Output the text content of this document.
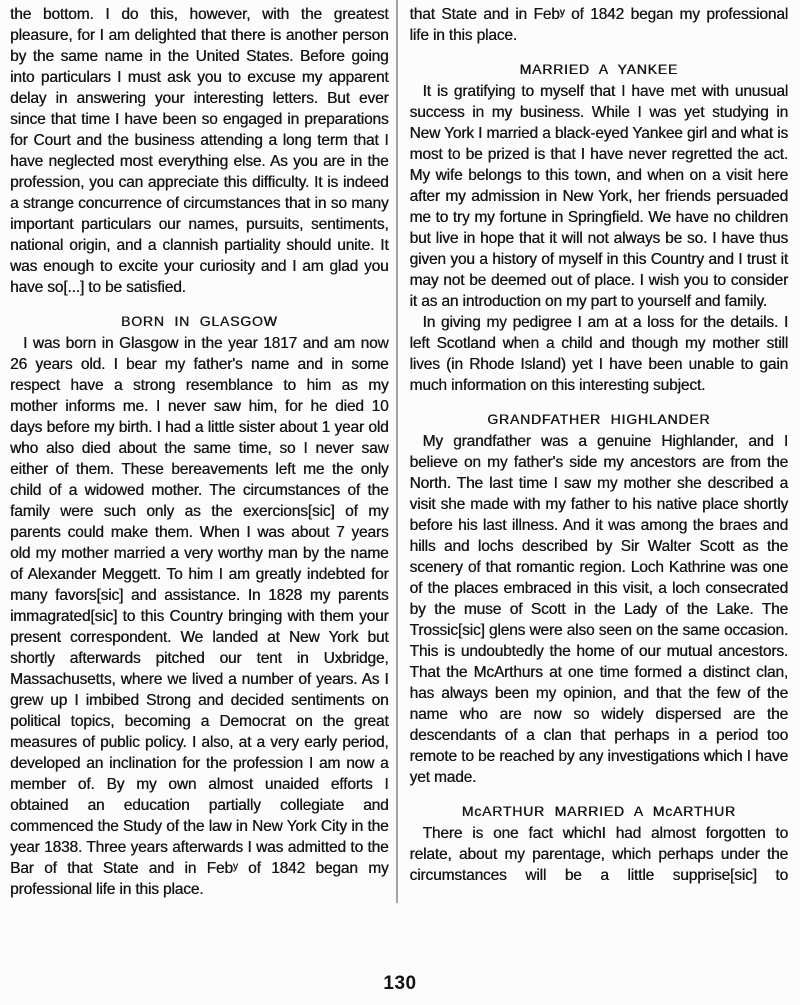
the bottom. I do this, however, with the greatest pleasure, for I am delighted that there is another person by the same name in the United States. Before going into particulars I must ask you to excuse my apparent delay in answering your interesting letters. But ever since that time I have been so engaged in preparations for Court and the business attending a long term that I have neglected most everything else. As you are in the profession, you can appreciate this difficulty. It is indeed a strange concurrence of circumstances that in so many important particulars our names, pursuits, sentiments, national origin, and a clannish partiality should unite. It was enough to excite your curiosity and I am glad you have so[...] to be satisfied.

BORN IN GLASGOW

I was born in Glasgow in the year 1817 and am now 26 years old. I bear my father's name and in some respect have a strong resemblance to him as my mother informs me. I never saw him, for he died 10 days before my birth. I had a little sister about 1 year old who also died about the same time, so I never saw either of them. These bereavements left me the only child of a widowed mother. The circumstances of the family were such only as the exercions[sic] of my parents could make them. When I was about 7 years old my mother married a very worthy man by the name of Alexander Meggett. To him I am greatly indebted for many favors[sic] and assistance. In 1828 my parents immagrated[sic] to this Country bringing with them your present correspondent. We landed at New York but shortly afterwards pitched our tent in Uxbridge, Massachusetts, where we lived a number of years. As I grew up I imbibed Strong and decided sentiments on political topics, becoming a Democrat on the great measures of public policy. I also, at a very early period, developed an inclination for the profession I am now a member of. By my own almost unaided efforts I obtained an education partially collegiate and commenced the Study of the law in New York City in the year 1838. Three years afterwards I was admitted to the Bar of that State and in Febʸ of 1842 began my professional life in this place.

that State and in Febʸ of 1842 began my professional life in this place.

MARRIED A YANKEE

It is gratifying to myself that I have met with unusual success in my business. While I was yet studying in New York I married a black-eyed Yankee girl and what is most to be prized is that I have never regretted the act. My wife belongs to this town, and when on a visit here after my admission in New York, her friends persuaded me to try my fortune in Springfield. We have no children but live in hope that it will not always be so. I have thus given you a history of myself in this Country and I trust it may not be deemed out of place. I wish you to consider it as an introduction on my part to yourself and family.

In giving my pedigree I am at a loss for the details. I left Scotland when a child and though my mother still lives (in Rhode Island) yet I have been unable to gain much information on this interesting subject.

GRANDFATHER HIGHLANDER

My grandfather was a genuine Highlander, and I believe on my father's side my ancestors are from the North. The last time I saw my mother she described a visit she made with my father to his native place shortly before his last illness. And it was among the braes and hills and lochs described by Sir Walter Scott as the scenery of that romantic region. Loch Kathrine was one of the places embraced in this visit, a loch consecrated by the muse of Scott in the Lady of the Lake. The Trossic[sic] glens were also seen on the same occasion. This is undoubtedly the home of our mutual ancestors. That the McArthurs at one time formed a distinct clan, has always been my opinion, and that the few of the name who are now so widely dispersed are the descendants of a clan that perhaps in a period too remote to be reached by any investigations which I have yet made.

McARTHUR MARRIED A McARTHUR

There is one fact whichI had almost forgotten to relate, about my parentage, which perhaps under the circumstances will be a little supprise[sic] to

130
